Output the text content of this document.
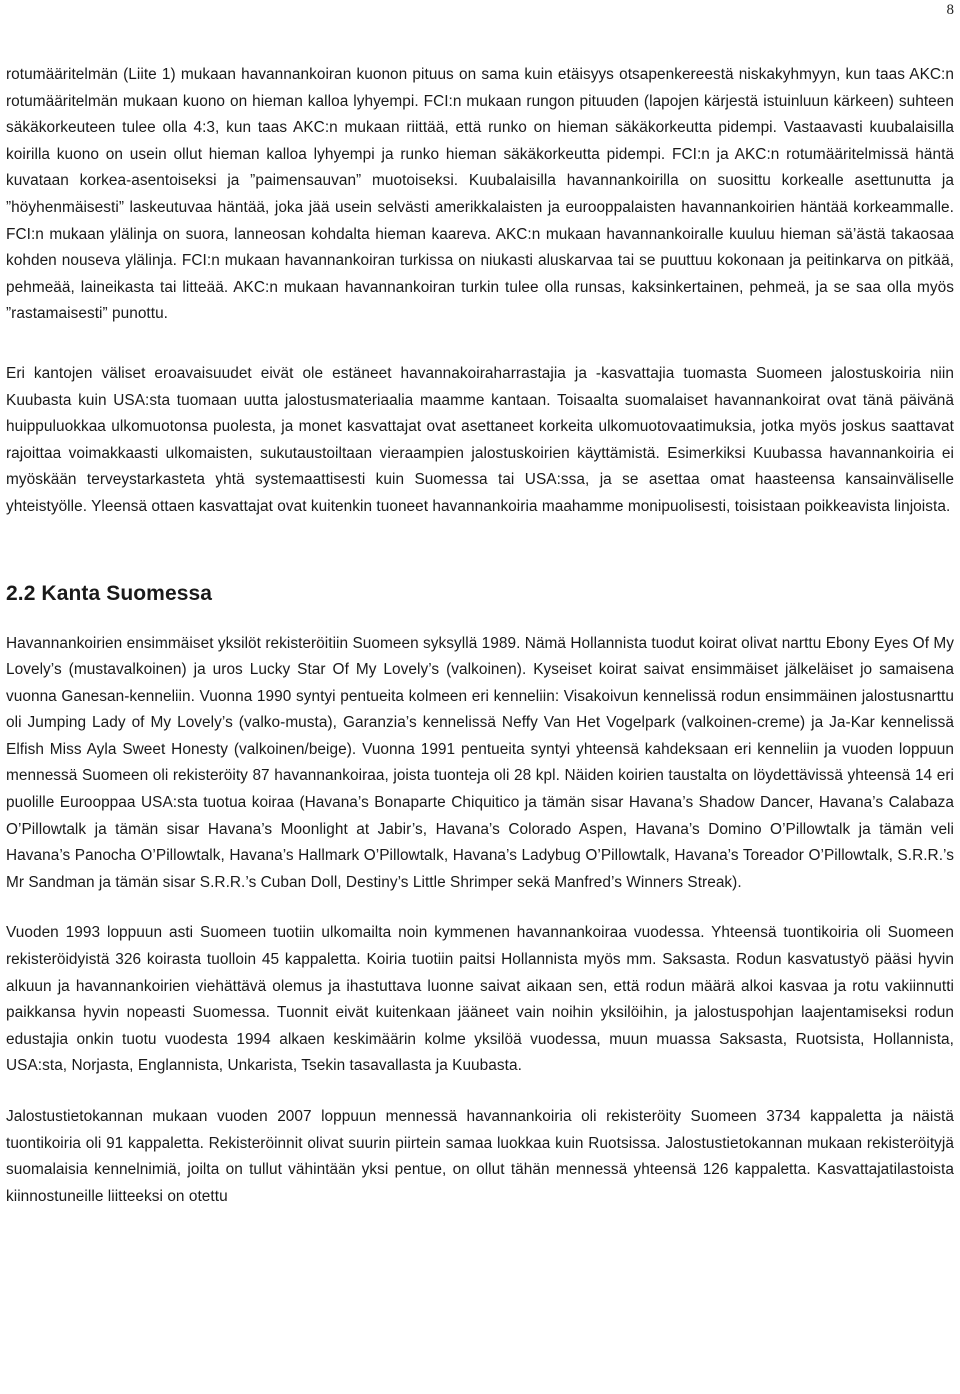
8

rotumääritelmän (Liite 1) mukaan havannankoiran kuonon pituus on sama kuin etäisyys otsapenkereestä niskakyhmyyn, kun taas AKC:n rotumääritelmän mukaan kuono on hieman kalloa lyhyempi. FCI:n mukaan rungon pituuden (lapojen kärjestä istuinluun kärkeen) suhteen säkäkorkeuteen tulee olla 4:3, kun taas AKC:n mukaan riittää, että runko on hieman säkäkorkeutta pidempi. Vastaavasti kuubalaisilla koirilla kuono on usein ollut hieman kalloa lyhyempi ja runko hieman säkäkorkeutta pidempi. FCI:n ja AKC:n rotumääritelmissä häntä kuvataan korkea-asentoiseksi ja ”paimensauvan” muotoiseksi. Kuubalaisilla havannankoirilla on suosittu korkealle asettunutta ja ”höyhenmäisesti” laskeutuvaa häntää, joka jää usein selvästi amerikkalaisten ja eurooppalaisten havannankoirien häntää korkeammalle. FCI:n mukaan ylälinja on suora, lanneosan kohdalta hieman kaareva. AKC:n mukaan havannankoiralle kuuluu hieman sä’ästä takaosaa kohden nouseva ylälinja. FCI:n mukaan havannankoiran turkissa on niukasti aluskarvaa tai se puuttuu kokonaan ja peitinkarva on pitkää, pehmeää, laineikasta tai litteää. AKC:n mukaan havannankoiran turkin tulee olla runsas, kaksinkertainen, pehmeä, ja se saa olla myös ”rastamaisesti” punottu.

Eri kantojen väliset eroavaisuudet eivät ole estäneet havannakoiraharrastajia ja -kasvattajia tuomasta Suomeen jalostuskoiria niin Kuubasta kuin USA:sta tuomaan uutta jalostusmateriaalia maamme kantaan. Toisaalta suomalaiset havannankoirat ovat tänä päivänä huippuluokkaa ulkomuotonsa puolesta, ja monet kasvattajat ovat asettaneet korkeita ulkomuotovaatimuksia, jotka myös joskus saattavat rajoittaa voimakkaasti ulkomaisten, sukutaustoiltaan vieraampien jalostuskoirien käyttämistä. Esimerkiksi Kuubassa havannankoiria ei myöskään terveystarkasteta yhtä systemaattisesti kuin Suomessa tai USA:ssa, ja se asettaa omat haasteensa kansainväliselle yhteistyölle. Yleensä ottaen kasvattajat ovat kuitenkin tuoneet havannankoiria maahamme monipuolisesti, toisistaan poikkeavista linjoista.

2.2 Kanta Suomessa

Havannankoirien ensimmäiset yksilöt rekisteröitiin Suomeen syksyllä 1989. Nämä Hollannista tuodut koirat olivat narttu Ebony Eyes Of My Lovely’s (mustavalkoinen) ja uros Lucky Star Of My Lovely’s (valkoinen). Kyseiset koirat saivat ensimmäiset jälkeläiset jo samaisena vuonna Ganesan-kenneliin. Vuonna 1990 syntyi pentueita kolmeen eri kenneliin: Visakoivun kennelissä rodun ensimmäinen jalostusnarttu oli Jumping Lady of My Lovely’s (valko-musta), Garanzia’s kennelissä Neffy Van Het Vogelpark (valkoinen-creme) ja Ja-Kar kennelissä Elfish Miss Ayla Sweet Honesty (valkoinen/beige). Vuonna 1991 pentueita syntyi yhteensä kahdeksaan eri kenneliin ja vuoden loppuun mennessä Suomeen oli rekisteröity 87 havannankoiraa, joista tuonteja oli 28 kpl. Näiden koirien taustalta on löydettävissä yhteensä 14 eri puolille Eurooppaa USA:sta tuotua koiraa (Havana’s Bonaparte Chiquitico ja tämän sisar Havana’s Shadow Dancer, Havana’s Calabaza O’Pillowtalk ja tämän sisar Havana’s Moonlight at Jabir’s, Havana’s Colorado Aspen, Havana’s Domino O’Pillowtalk ja tämän veli Havana’s Panocha O’Pillowtalk, Havana’s Hallmark O’Pillowtalk, Havana’s Ladybug O’Pillowtalk, Havana’s Toreador O’Pillowtalk, S.R.R.’s Mr Sandman ja tämän sisar S.R.R.’s Cuban Doll, Destiny’s Little Shrimper sekä Manfred’s Winners Streak).

Vuoden 1993 loppuun asti Suomeen tuotiin ulkomailta noin kymmenen havannankoiraa vuodessa. Yhteensä tuontikoiria oli Suomeen rekisteröidyistä 326 koirasta tuolloin 45 kappaletta. Koiria tuotiin paitsi Hollannista myös mm. Saksasta. Rodun kasvatustyö pääsi hyvin alkuun ja havannankoirien viehättävä olemus ja ihastuttava luonne saivat aikaan sen, että rodun määrä alkoi kasvaa ja rotu vakiinnutti paikkansa hyvin nopeasti Suomessa. Tuonnit eivät kuitenkaan jääneet vain noihin yksilöihin, ja jalostuspohjan laajentamiseksi rodun edustajia onkin tuotu vuodesta 1994 alkaen keskimäärin kolme yksilöä vuodessa, muun muassa Saksasta, Ruotsista, Hollannista, USA:sta, Norjasta, Englannista, Unkarista, Tsekin tasavallasta ja Kuubasta.

Jalostustietokannan mukaan vuoden 2007 loppuun mennessä havannankoiria oli rekisteröity Suomeen 3734 kappaletta ja näistä tuontikoiria oli 91 kappaletta. Rekisteröinnit olivat suurin piirtein samaa luokkaa kuin Ruotsissa. Jalostustietokannan mukaan rekisteröityjä suomalaisia kennelnimiä, joilta on tullut vähintään yksi pentue, on ollut tähän mennessä yhteensä 126 kappaletta. Kasvattajatilastoista kiinnostuneille liitteeksi on otettu
